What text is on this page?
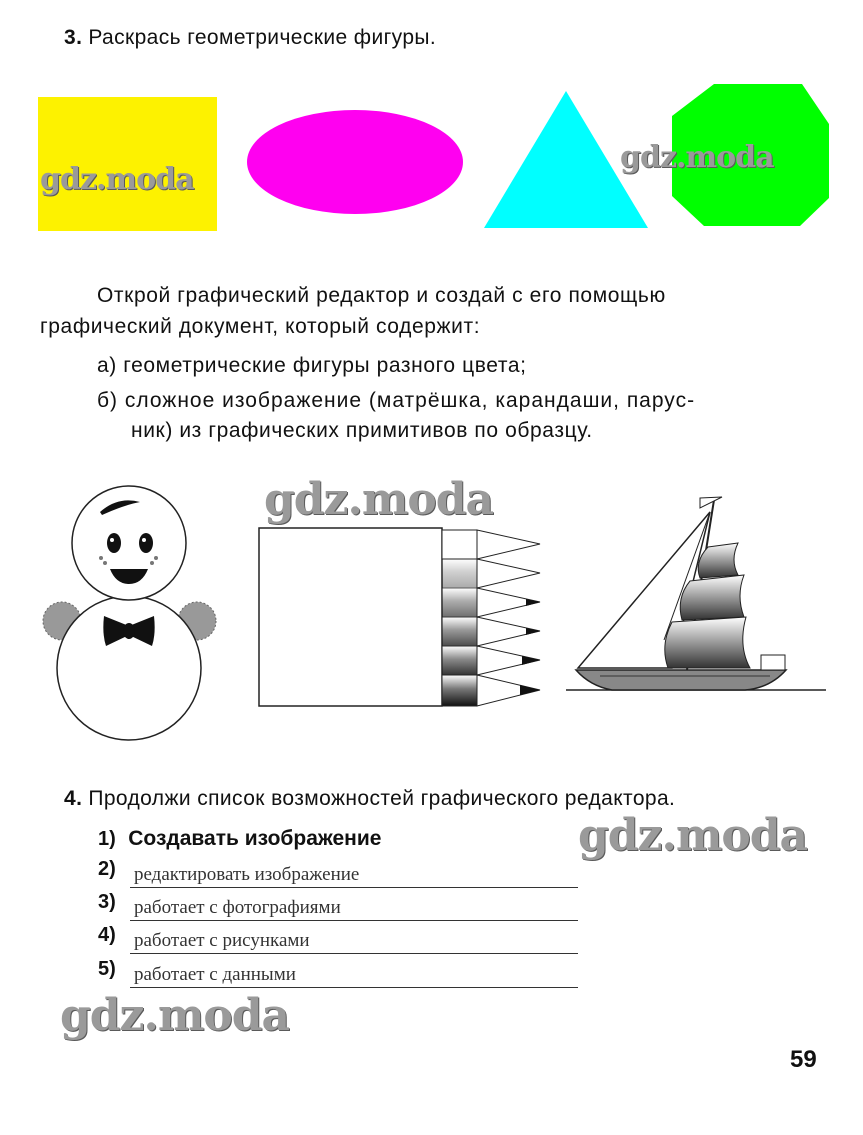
3. Раскрась геометрические фигуры.
Открой графический редактор и создай с его помощью
графический документ, который содержит:
а) геометрические фигуры разного цвета;
б) сложное изображение (матрёшка, карандаши, парус-
ник) из графических примитивов по образцу.
4. Продолжи список возможностей графического редактора.
1) Создавать изображение
2) редактировать изображение
3) работает с фотографиями
4) работает с рисунками
5) работает с данными
gdz.moda
gdz.moda
gdz.moda
gdz.moda
gdz.moda
59
